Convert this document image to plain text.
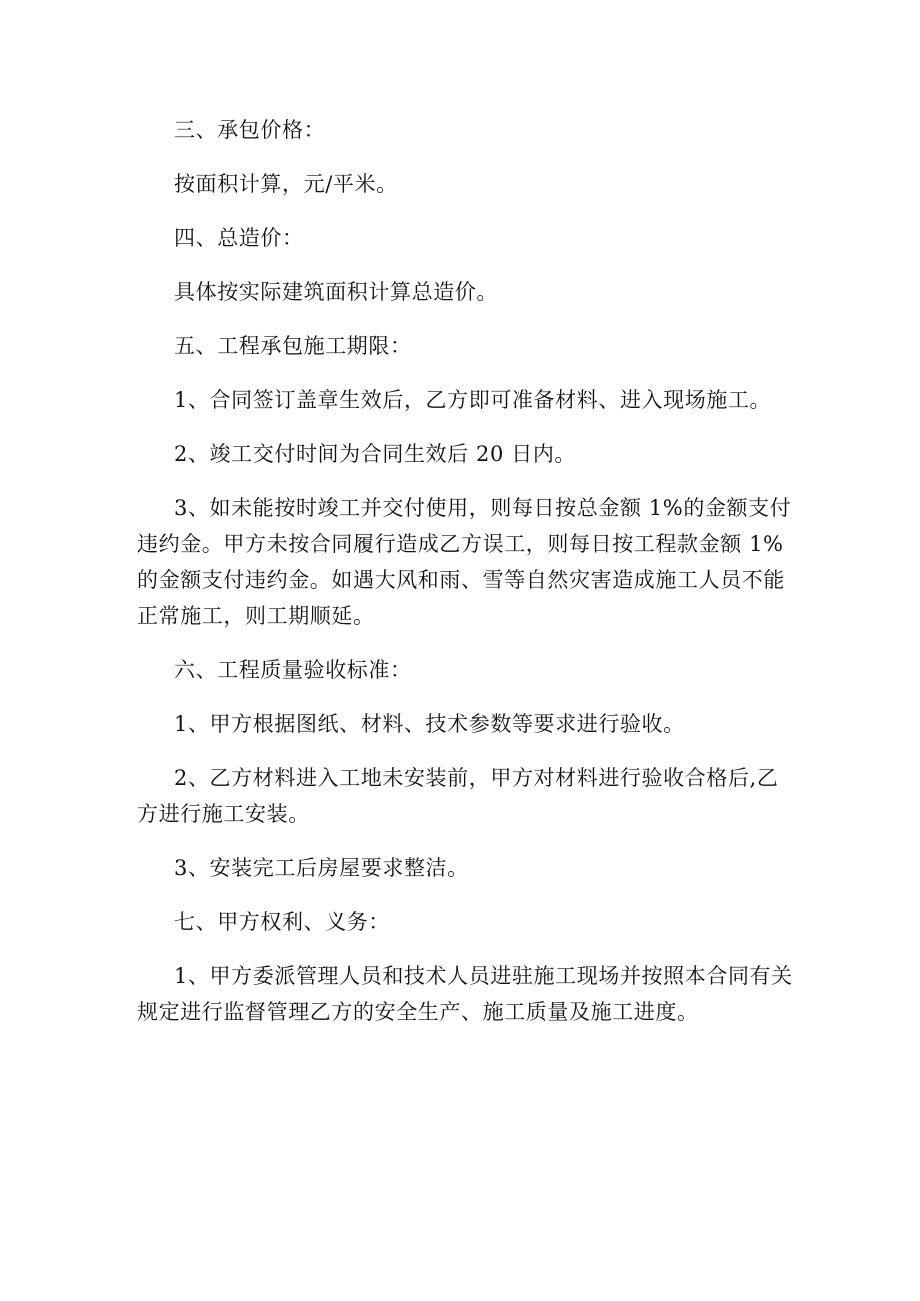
三、承包价格：

按面积计算，元/平米。

四、总造价：

具体按实际建筑面积计算总造价。

五、工程承包施工期限：

1、合同签订盖章生效后，乙方即可准备材料、进入现场施工。

2、竣工交付时间为合同生效后 20 日内。

3、如未能按时竣工并交付使用，则每日按总金额 1%的金额支付违约金。甲方未按合同履行造成乙方误工，则每日按工程款金额 1%的金额支付违约金。如遇大风和雨、雪等自然灾害造成施工人员不能正常施工，则工期顺延。

六、工程质量验收标准：

1、甲方根据图纸、材料、技术参数等要求进行验收。

2、乙方材料进入工地未安装前，甲方对材料进行验收合格后,乙方进行施工安装。

3、安装完工后房屋要求整洁。

七、甲方权利、义务：

1、甲方委派管理人员和技术人员进驻施工现场并按照本合同有关规定进行监督管理乙方的安全生产、施工质量及施工进度。
